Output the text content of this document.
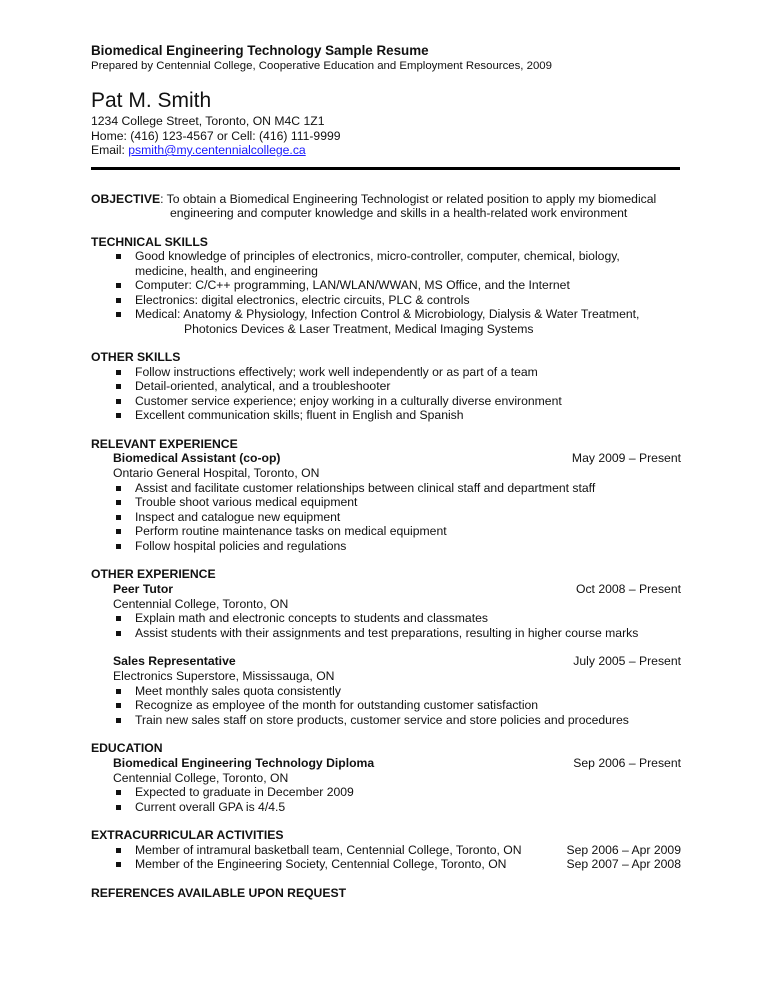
Biomedical Engineering Technology Sample Resume
Prepared by Centennial College, Cooperative Education and Employment Resources, 2009
Pat M. Smith
1234 College Street, Toronto, ON M4C 1Z1
Home: (416) 123-4567 or Cell: (416) 111-9999
Email: psmith@my.centennialcollege.ca
OBJECTIVE: To obtain a Biomedical Engineering Technologist or related position to apply my biomedical
engineering and computer knowledge and skills in a health-related work environment
TECHNICAL SKILLS
Good knowledge of principles of electronics, micro-controller, computer, chemical, biology,
medicine, health, and engineering
Computer: C/C++ programming, LAN/WLAN/WWAN, MS Office, and the Internet
Electronics: digital electronics, electric circuits, PLC & controls
Medical: Anatomy & Physiology, Infection Control & Microbiology, Dialysis & Water Treatment,
Photonics Devices & Laser Treatment, Medical Imaging Systems
OTHER SKILLS
Follow instructions effectively; work well independently or as part of a team
Detail-oriented, analytical, and a troubleshooter
Customer service experience; enjoy working in a culturally diverse environment
Excellent communication skills; fluent in English and Spanish
RELEVANT EXPERIENCE
Biomedical Assistant (co-op)	May 2009 – Present
Ontario General Hospital, Toronto, ON
Assist and facilitate customer relationships between clinical staff and department staff
Trouble shoot various medical equipment
Inspect and catalogue new equipment
Perform routine maintenance tasks on medical equipment
Follow hospital policies and regulations
OTHER EXPERIENCE
Peer Tutor	Oct 2008 – Present
Centennial College, Toronto, ON
Explain math and electronic concepts to students and classmates
Assist students with their assignments and test preparations, resulting in higher course marks
Sales Representative	July 2005 – Present
Electronics Superstore, Mississauga, ON
Meet monthly sales quota consistently
Recognize as employee of the month for outstanding customer satisfaction
Train new sales staff on store products, customer service and store policies and procedures
EDUCATION
Biomedical Engineering Technology Diploma	Sep 2006 – Present
Centennial College, Toronto, ON
Expected to graduate in December 2009
Current overall GPA is 4/4.5
EXTRACURRICULAR ACTIVITIES
Member of intramural basketball team, Centennial College, Toronto, ON	Sep 2006 – Apr 2009
Member of the Engineering Society, Centennial College, Toronto, ON	Sep 2007 – Apr 2008
REFERENCES AVAILABLE UPON REQUEST
